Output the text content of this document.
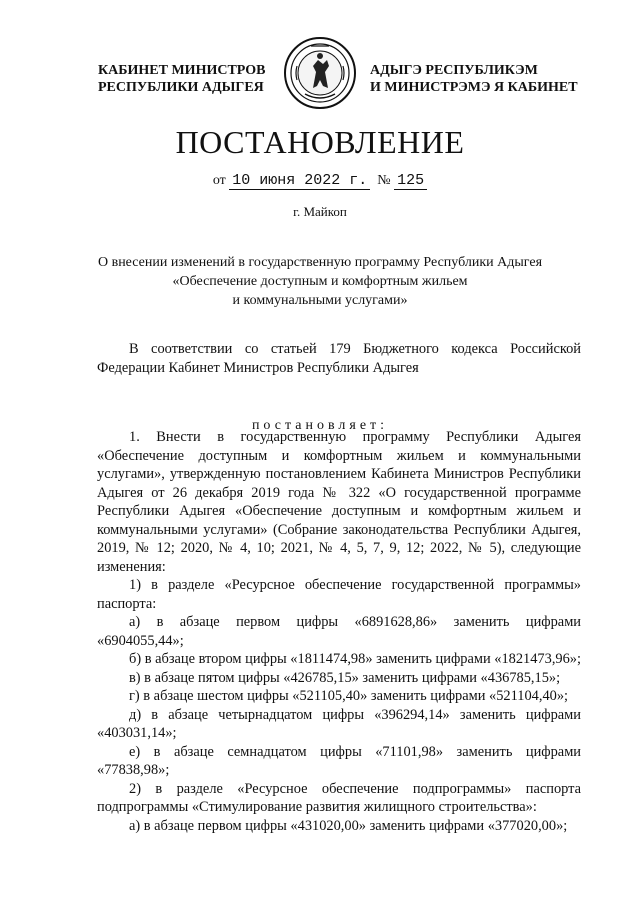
КАБИНЕТ МИНИСТРОВ
РЕСПУБЛИКИ АДЫГЕЯ
АДЫГЭ РЕСПУБЛИКЭМ
И МИНИСТРЭМЭ Я КАБИНЕТ
ПОСТАНОВЛЕНИЕ
от 10 июня 2022 г. № 125
г. Майкоп
О внесении изменений в государственную программу Республики Адыгея
«Обеспечение доступным и комфортным жильем
и коммунальными услугами»

В соответствии со статьей 179 Бюджетного кодекса Российской Федерации Кабинет Министров Республики Адыгея

постановляет:

1. Внести в государственную программу Республики Адыгея «Обеспечение доступным и комфортным жильем и коммунальными услугами», утвержденную постановлением Кабинета Министров Республики Адыгея от 26 декабря 2019 года № 322 «О государственной программе Республики Адыгея «Обеспечение доступным и комфортным жильем и коммунальными услугами» (Собрание законодательства Республики Адыгея, 2019, № 12; 2020, № 4, 10; 2021, № 4, 5, 7, 9, 12; 2022, № 5), следующие изменения:

1) в разделе «Ресурсное обеспечение государственной программы» паспорта:

а) в абзаце первом цифры «6891628,86» заменить цифрами «6904055,44»;

б) в абзаце втором цифры «1811474,98» заменить цифрами «1821473,96»;

в) в абзаце пятом цифры «426785,15» заменить цифрами «436785,15»;

г) в абзаце шестом цифры «521105,40» заменить цифрами «521104,40»;

д) в абзаце четырнадцатом цифры «396294,14» заменить цифрами «403031,14»;

е) в абзаце семнадцатом цифры «71101,98» заменить цифрами «77838,98»;

2) в разделе «Ресурсное обеспечение подпрограммы» паспорта подпрограммы «Стимулирование развития жилищного строительства»:

а) в абзаце первом цифры «431020,00» заменить цифрами «377020,00»;
